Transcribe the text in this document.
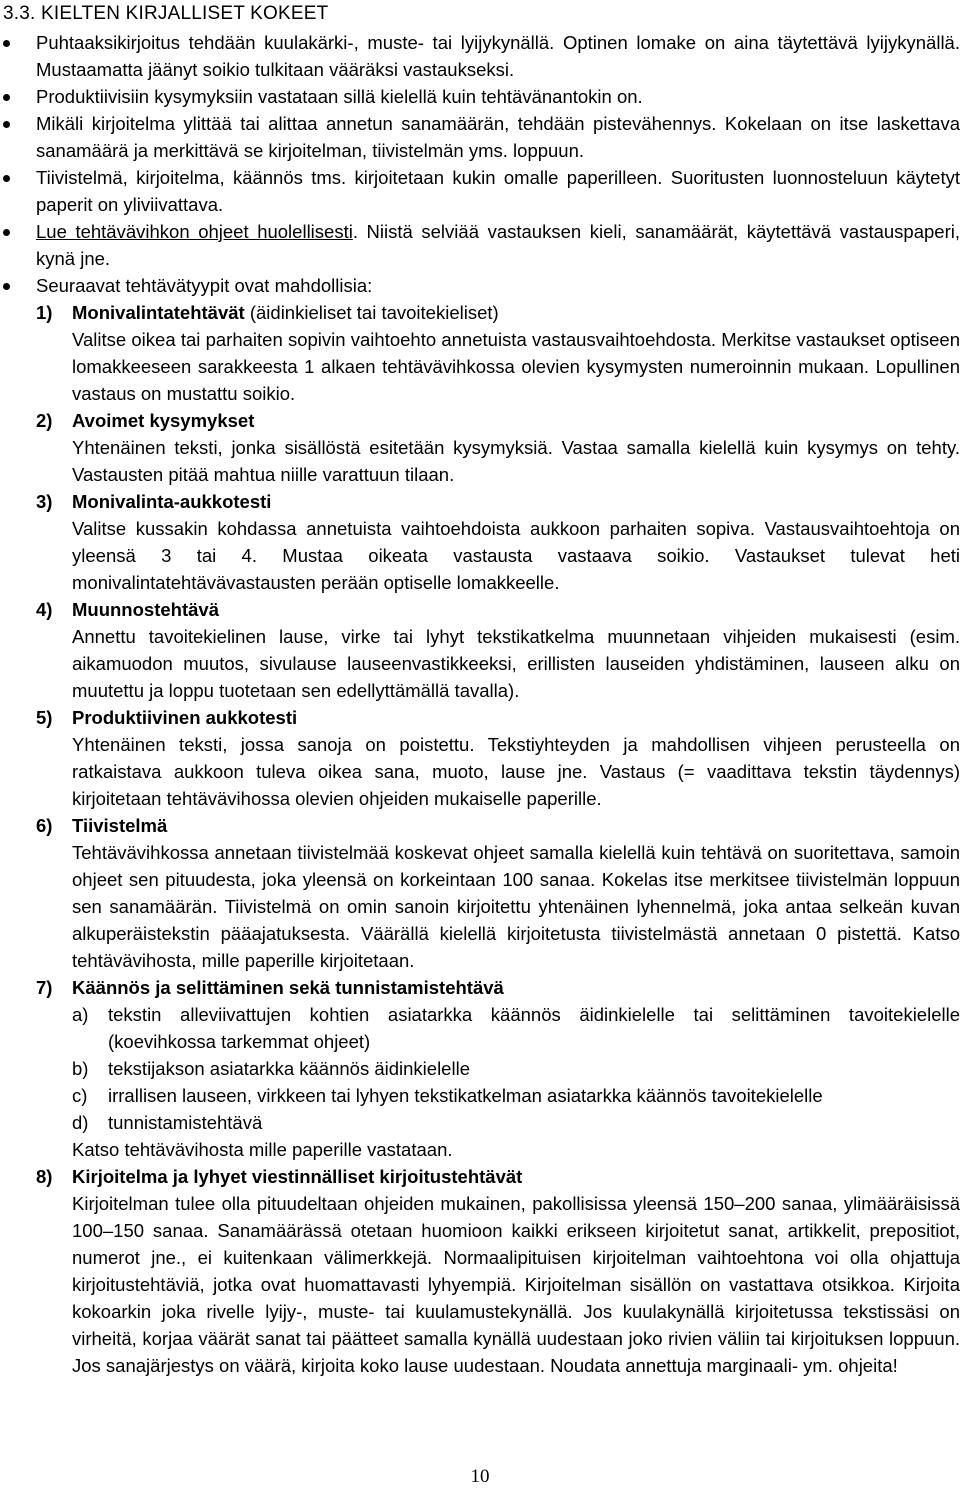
3.3. KIELTEN KIRJALLISET KOKEET
Puhtaaksikirjoitus tehdään kuulakärki-, muste- tai lyijykynällä. Optinen lomake on aina täytettävä lyijykynällä. Mustaamatta jäänyt soikio tulkitaan vääräksi vastaukseksi.
Produktiivisiin kysymyksiin vastataan sillä kielellä kuin tehtävänantokin on.
Mikäli kirjoitelma ylittää tai alittaa annetun sanamäärän, tehdään pistevähennys. Kokelaan on itse laskettava sanamäärä ja merkittävä se kirjoitelman, tiivistelmän yms. loppuun.
Tiivistelmä, kirjoitelma, käännös tms. kirjoitetaan kukin omalle paperilleen. Suoritusten luonnosteluun käytetyt paperit on yliviivattava.
Lue tehtävävihkon ohjeet huolellisesti. Niistä selviää vastauksen kieli, sanamäärät, käytettävä vastauspaperi, kynä jne.
Seuraavat tehtävätyypit ovat mahdollisia:
1) Monivalintatehtävät (äidinkieliset tai tavoitekieliset)
Valitse oikea tai parhaiten sopivin vaihtoehto annetuista vastausvaihtoehdosta. Merkitse vastaukset optiseen lomakkeeseen sarakkeesta 1 alkaen tehtävävihkossa olevien kysymysten numeroinnin mukaan. Lopullinen vastaus on mustattu soikio.
2) Avoimet kysymykset
Yhtenäinen teksti, jonka sisällöstä esitetään kysymyksiä. Vastaa samalla kielellä kuin kysymys on tehty. Vastausten pitää mahtua niille varattuun tilaan.
3) Monivalinta-aukkotesti
Valitse kussakin kohdassa annetuista vaihtoehdoista aukkoon parhaiten sopiva. Vastausvaihtoehtoja on yleensä 3 tai 4. Mustaa oikeata vastausta vastaava soikio. Vastaukset tulevat heti monivalintatehtävävastausten perään optiselle lomakkeelle.
4) Muunnostehtävä
Annettu tavoitekielinen lause, virke tai lyhyt tekstikatkelma muunnetaan vihjeiden mukaisesti (esim. aikamuodon muutos, sivulause lauseenvastikkeeksi, erillisten lauseiden yhdistäminen, lauseen alku on muutettu ja loppu tuotetaan sen edellyttämällä tavalla).
5) Produktiivinen aukkotesti
Yhtenäinen teksti, jossa sanoja on poistettu. Tekstiyhteyden ja mahdollisen vihjeen perusteella on ratkaistava aukkoon tuleva oikea sana, muoto, lause jne. Vastaus (= vaadittava tekstin täydennys) kirjoitetaan tehtävävihossa olevien ohjeiden mukaiselle paperille.
6) Tiivistelmä
Tehtävävihkossa annetaan tiivistelmää koskevat ohjeet samalla kielellä kuin tehtävä on suoritettava, samoin ohjeet sen pituudesta, joka yleensä on korkeintaan 100 sanaa. Kokelas itse merkitsee tiivistelmän loppuun sen sanamäärän. Tiivistelmä on omin sanoin kirjoitettu yhtenäinen lyhennelmä, joka antaa selkeän kuvan alkuperäistekstin pääajatuksesta. Väärällä kielellä kirjoitetusta tiivistelmästä annetaan 0 pistettä. Katso tehtävävihosta, mille paperille kirjoitetaan.
7) Käännös ja selittäminen sekä tunnistamistehtävä
a) tekstin alleviivattujen kohtien asiatarkka käännös äidinkielelle tai selittäminen tavoitekielelle (koevihkossa tarkemmat ohjeet)
b) tekstijakson asiatarkka käännös äidinkielelle
c) irrallisen lauseen, virkkeen tai lyhyen tekstikatkelman asiatarkka käännös tavoitekielelle
d) tunnistamistehtävä
Katso tehtävävihosta mille paperille vastataan.
8) Kirjoitelma ja lyhyet viestinnälliset kirjoitustehtävät
Kirjoitelman tulee olla pituudeltaan ohjeiden mukainen, pakollisissa yleensä 150–200 sanaa, ylimääräisissä 100–150 sanaa. Sanamäärässä otetaan huomioon kaikki erikseen kirjoitetut sanat, artikkelit, prepositiot, numerot jne., ei kuitenkaan välimerkkejä. Normaalipituisen kirjoitelman vaihtoehtona voi olla ohjattuja kirjoitustehtäviä, jotka ovat huomattavasti lyhyempiä. Kirjoitelman sisällön on vastattava otsikkoa. Kirjoita kokoarkin joka rivelle lyijy-, muste- tai kuulamustekynällä. Jos kuulakynällä kirjoitetussa tekstissäsi on virheitä, korjaa väärät sanat tai päätteet samalla kynällä uudestaan joko rivien väliin tai kirjoituksen loppuun. Jos sanajärjestys on väärä, kirjoita koko lause uudestaan. Noudata annettuja marginaali- ym. ohjeita!
10
